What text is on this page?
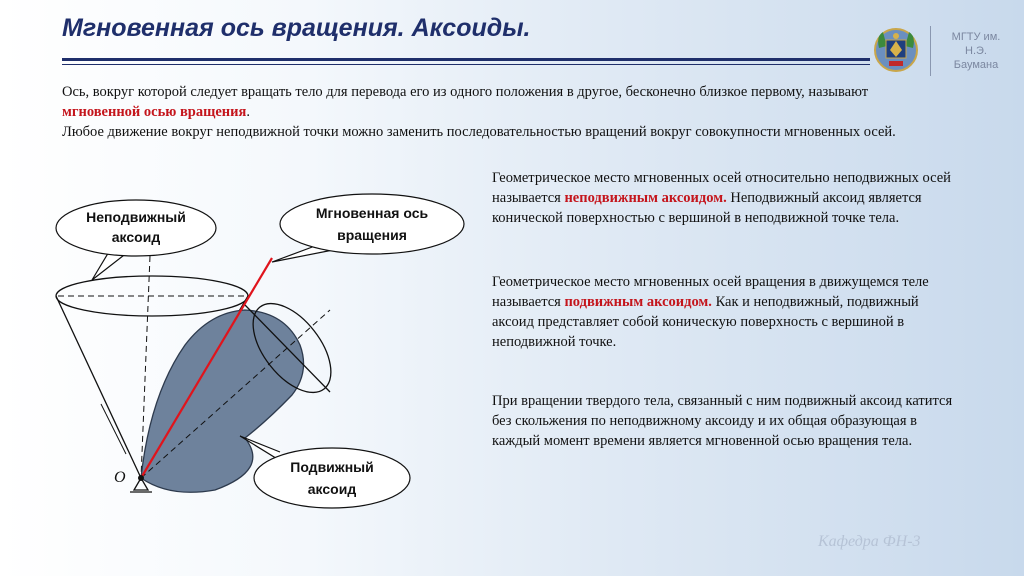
Мгновенная ось вращения. Аксоиды.	МГТУ им.
Н.Э.
Баумана
Ось, вокруг которой следует вращать тело для перевода его из одного положения в другое, бесконечно близкое первому, называют мгновенной осью вращения.
Любое движение вокруг неподвижной точки можно заменить последовательностью вращений вокруг совокупности мгновенных осей.
Геометрическое место мгновенных осей относительно неподвижных осей называется неподвижным аксоидом. Неподвижный аксоид является конической поверхностью с вершиной в неподвижной точке тела.
Геометрическое место мгновенных осей вращения в движущемся теле называется подвижным аксоидом. Как и неподвижный, подвижный аксоид представляет собой коническую поверхность с вершиной в неподвижной точке.
При вращении твердого тела, связанный с ним подвижный аксоид катится без скольжения по неподвижному аксоиду и их общая образующая в каждый момент времени является мгновенной осью вращения тела.
O
Неподвижный
аксоид
Мгновенная ось
вращения
Подвижный
аксоид
Кафедра ФН-3
